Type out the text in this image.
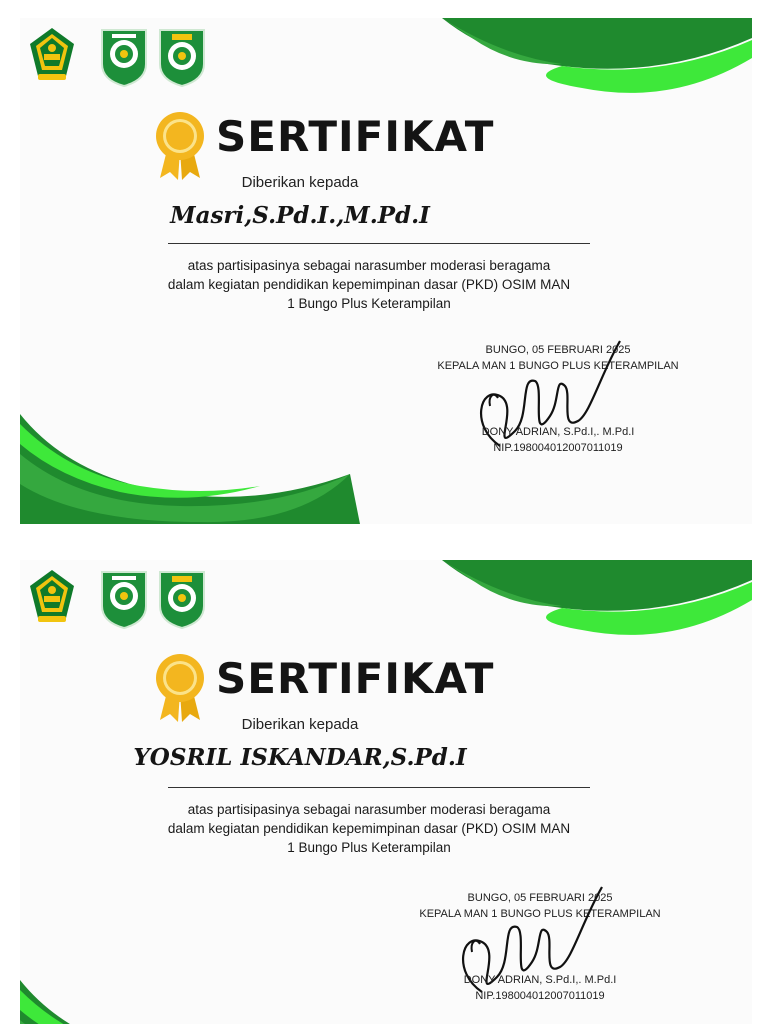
SERTIFIKAT
Diberikan kepada
Masri,S.Pd.I.,M.Pd.I
atas partisipasinya sebagai narasumber moderasi beragama
dalam kegiatan pendidikan kepemimpinan dasar (PKD) OSIM MAN
1 Bungo Plus Keterampilan
BUNGO, 05 FEBRUARI 2025
KEPALA MAN 1 BUNGO PLUS KETERAMPILAN
DONY ADRIAN, S.Pd.I,. M.Pd.I
NIP.198004012007011019
SERTIFIKAT
Diberikan kepada
YOSRIL ISKANDAR,S.Pd.I
atas partisipasinya sebagai narasumber moderasi beragama
dalam kegiatan pendidikan kepemimpinan dasar (PKD) OSIM MAN
1 Bungo Plus Keterampilan
BUNGO, 05 FEBRUARI 2025
KEPALA MAN 1 BUNGO PLUS KETERAMPILAN
DONY ADRIAN, S.Pd.I,. M.Pd.I
NIP.198004012007011019
